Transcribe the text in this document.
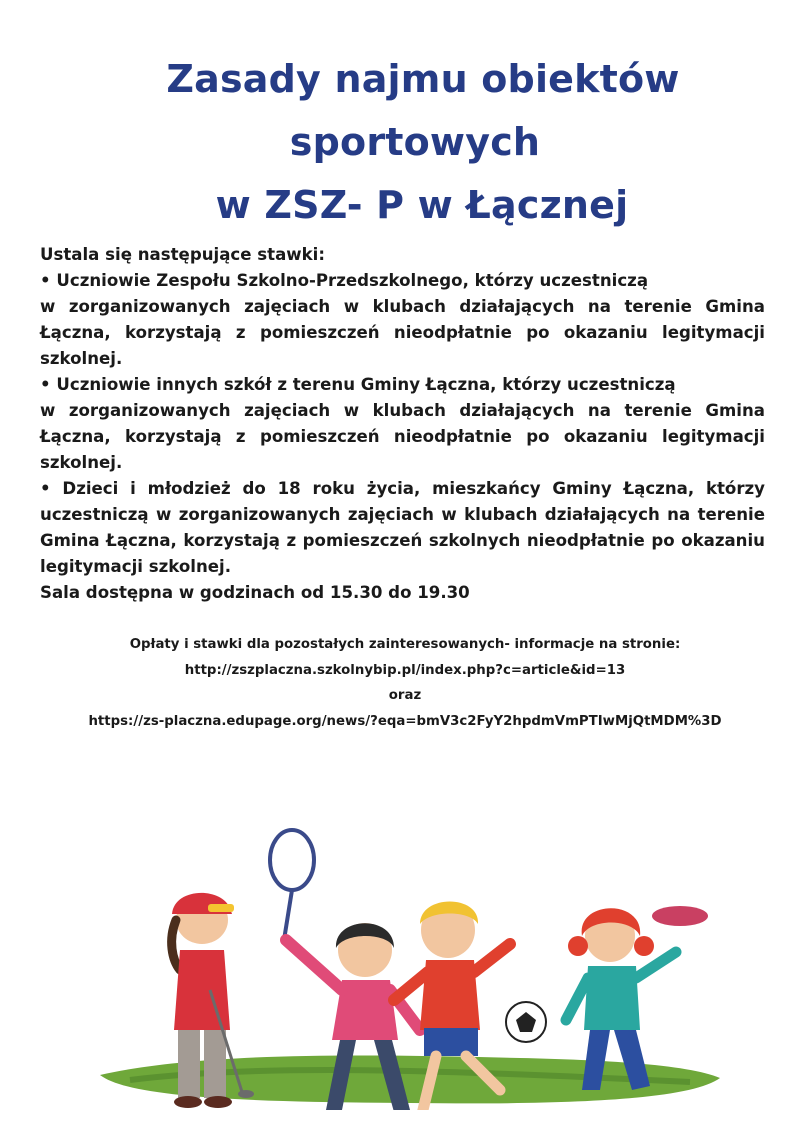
Zasady najmu obiektów
sportowych
w ZSZ- P w Łącznej

Ustala się następujące stawki:

• Uczniowie Zespołu Szkolno-Przedszkolnego, którzy uczestniczą

w zorganizowanych zajęciach w klubach działających na terenie Gmina Łączna, korzystają z pomieszczeń nieodpłatnie po okazaniu legitymacji szkolnej.

• Uczniowie innych szkół z terenu Gminy Łączna, którzy uczestniczą

w zorganizowanych zajęciach w klubach działających na terenie Gmina Łączna, korzystają z pomieszczeń nieodpłatnie po okazaniu legitymacji szkolnej.

• Dzieci i młodzież do 18 roku życia, mieszkańcy Gminy Łączna, którzy uczestniczą w zorganizowanych zajęciach w klubach działających na terenie Gmina Łączna, korzystają z pomieszczeń szkolnych nieodpłatnie po okazaniu legitymacji szkolnej.

Sala dostępna w godzinach od 15.30 do 19.30

Opłaty i stawki dla pozostałych zainteresowanych- informacje na stronie:
http://zszplaczna.szkolnybip.pl/index.php?c=article&id=13
oraz
https://zs-placzna.edupage.org/news/?eqa=bmV3c2FyY2hpdmVmPTIwMjQtMDM%3D
